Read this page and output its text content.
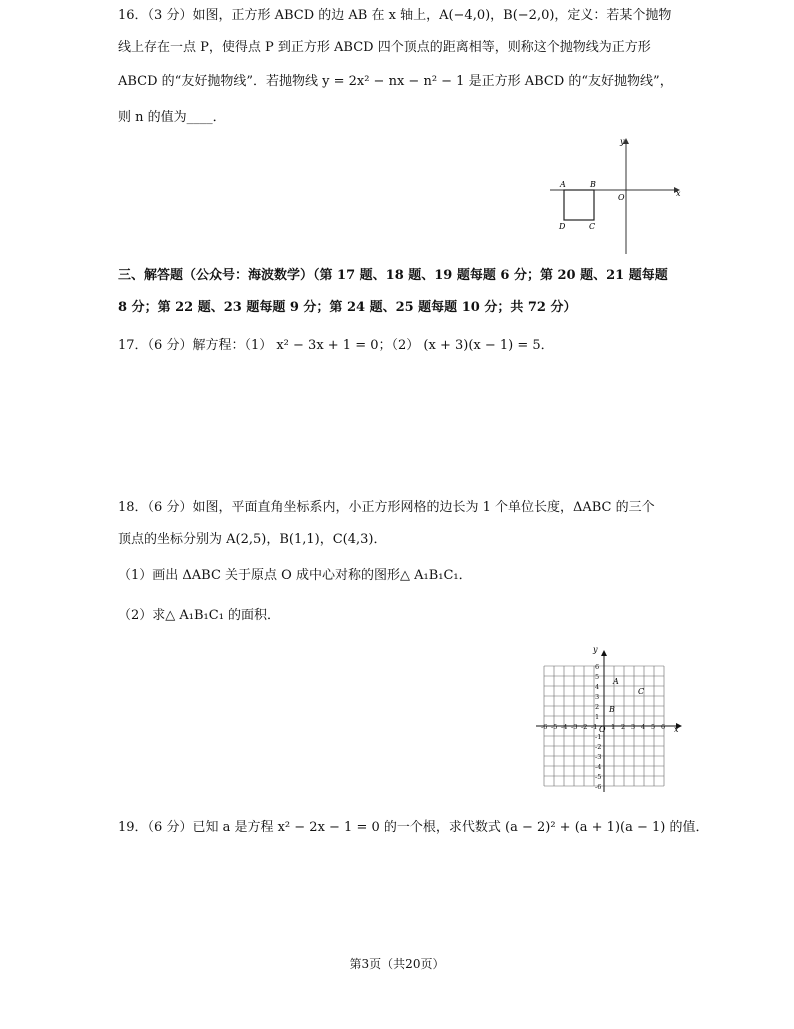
16．（3 分）如图，正方形 ABCD 的边 AB 在 x 轴上，A(−4,0)，B(−2,0)，定义：若某个抛物
线上存在一点 P，使得点 P 到正方形 ABCD 四个顶点的距离相等，则称这个抛物线为正方形
ABCD 的“友好抛物线”．若抛物线 y = 2x² − nx − n² − 1 是正方形 ABCD 的“友好抛物线”，
则 n 的值为____．
y
x
O
A	B
D	C
三、解答题（公众号：海波数学）（第 17 题、18 题、19 题每题 6 分；第 20 题、21 题每题
8 分；第 22 题、23 题每题 9 分；第 24 题、25 题每题 10 分；共 72 分）
17．（6 分）解方程：（1） x² − 3x + 1 = 0；（2） (x + 3)(x − 1) = 5．
18．（6 分）如图，平面直角坐标系内，小正方形网格的边长为 1 个单位长度，ΔABC 的三个
顶点的坐标分别为 A(2,5)，B(1,1)，C(4,3)．
（1）画出 ΔABC 关于原点 O 成中心对称的图形△ A₁B₁C₁．
（2）求△ A₁B₁C₁ 的面积．
-6 -5 -4 -3 -2 -1 1 2 3 4 5 6
6
5
4
3
2
1
-1
-2
-3
-4
-5
-6
x
y
O
A
B
C
19．（6 分）已知 a 是方程 x² − 2x − 1 = 0 的一个根，求代数式 (a − 2)² + (a + 1)(a − 1) 的值．
第3页（共20页）
